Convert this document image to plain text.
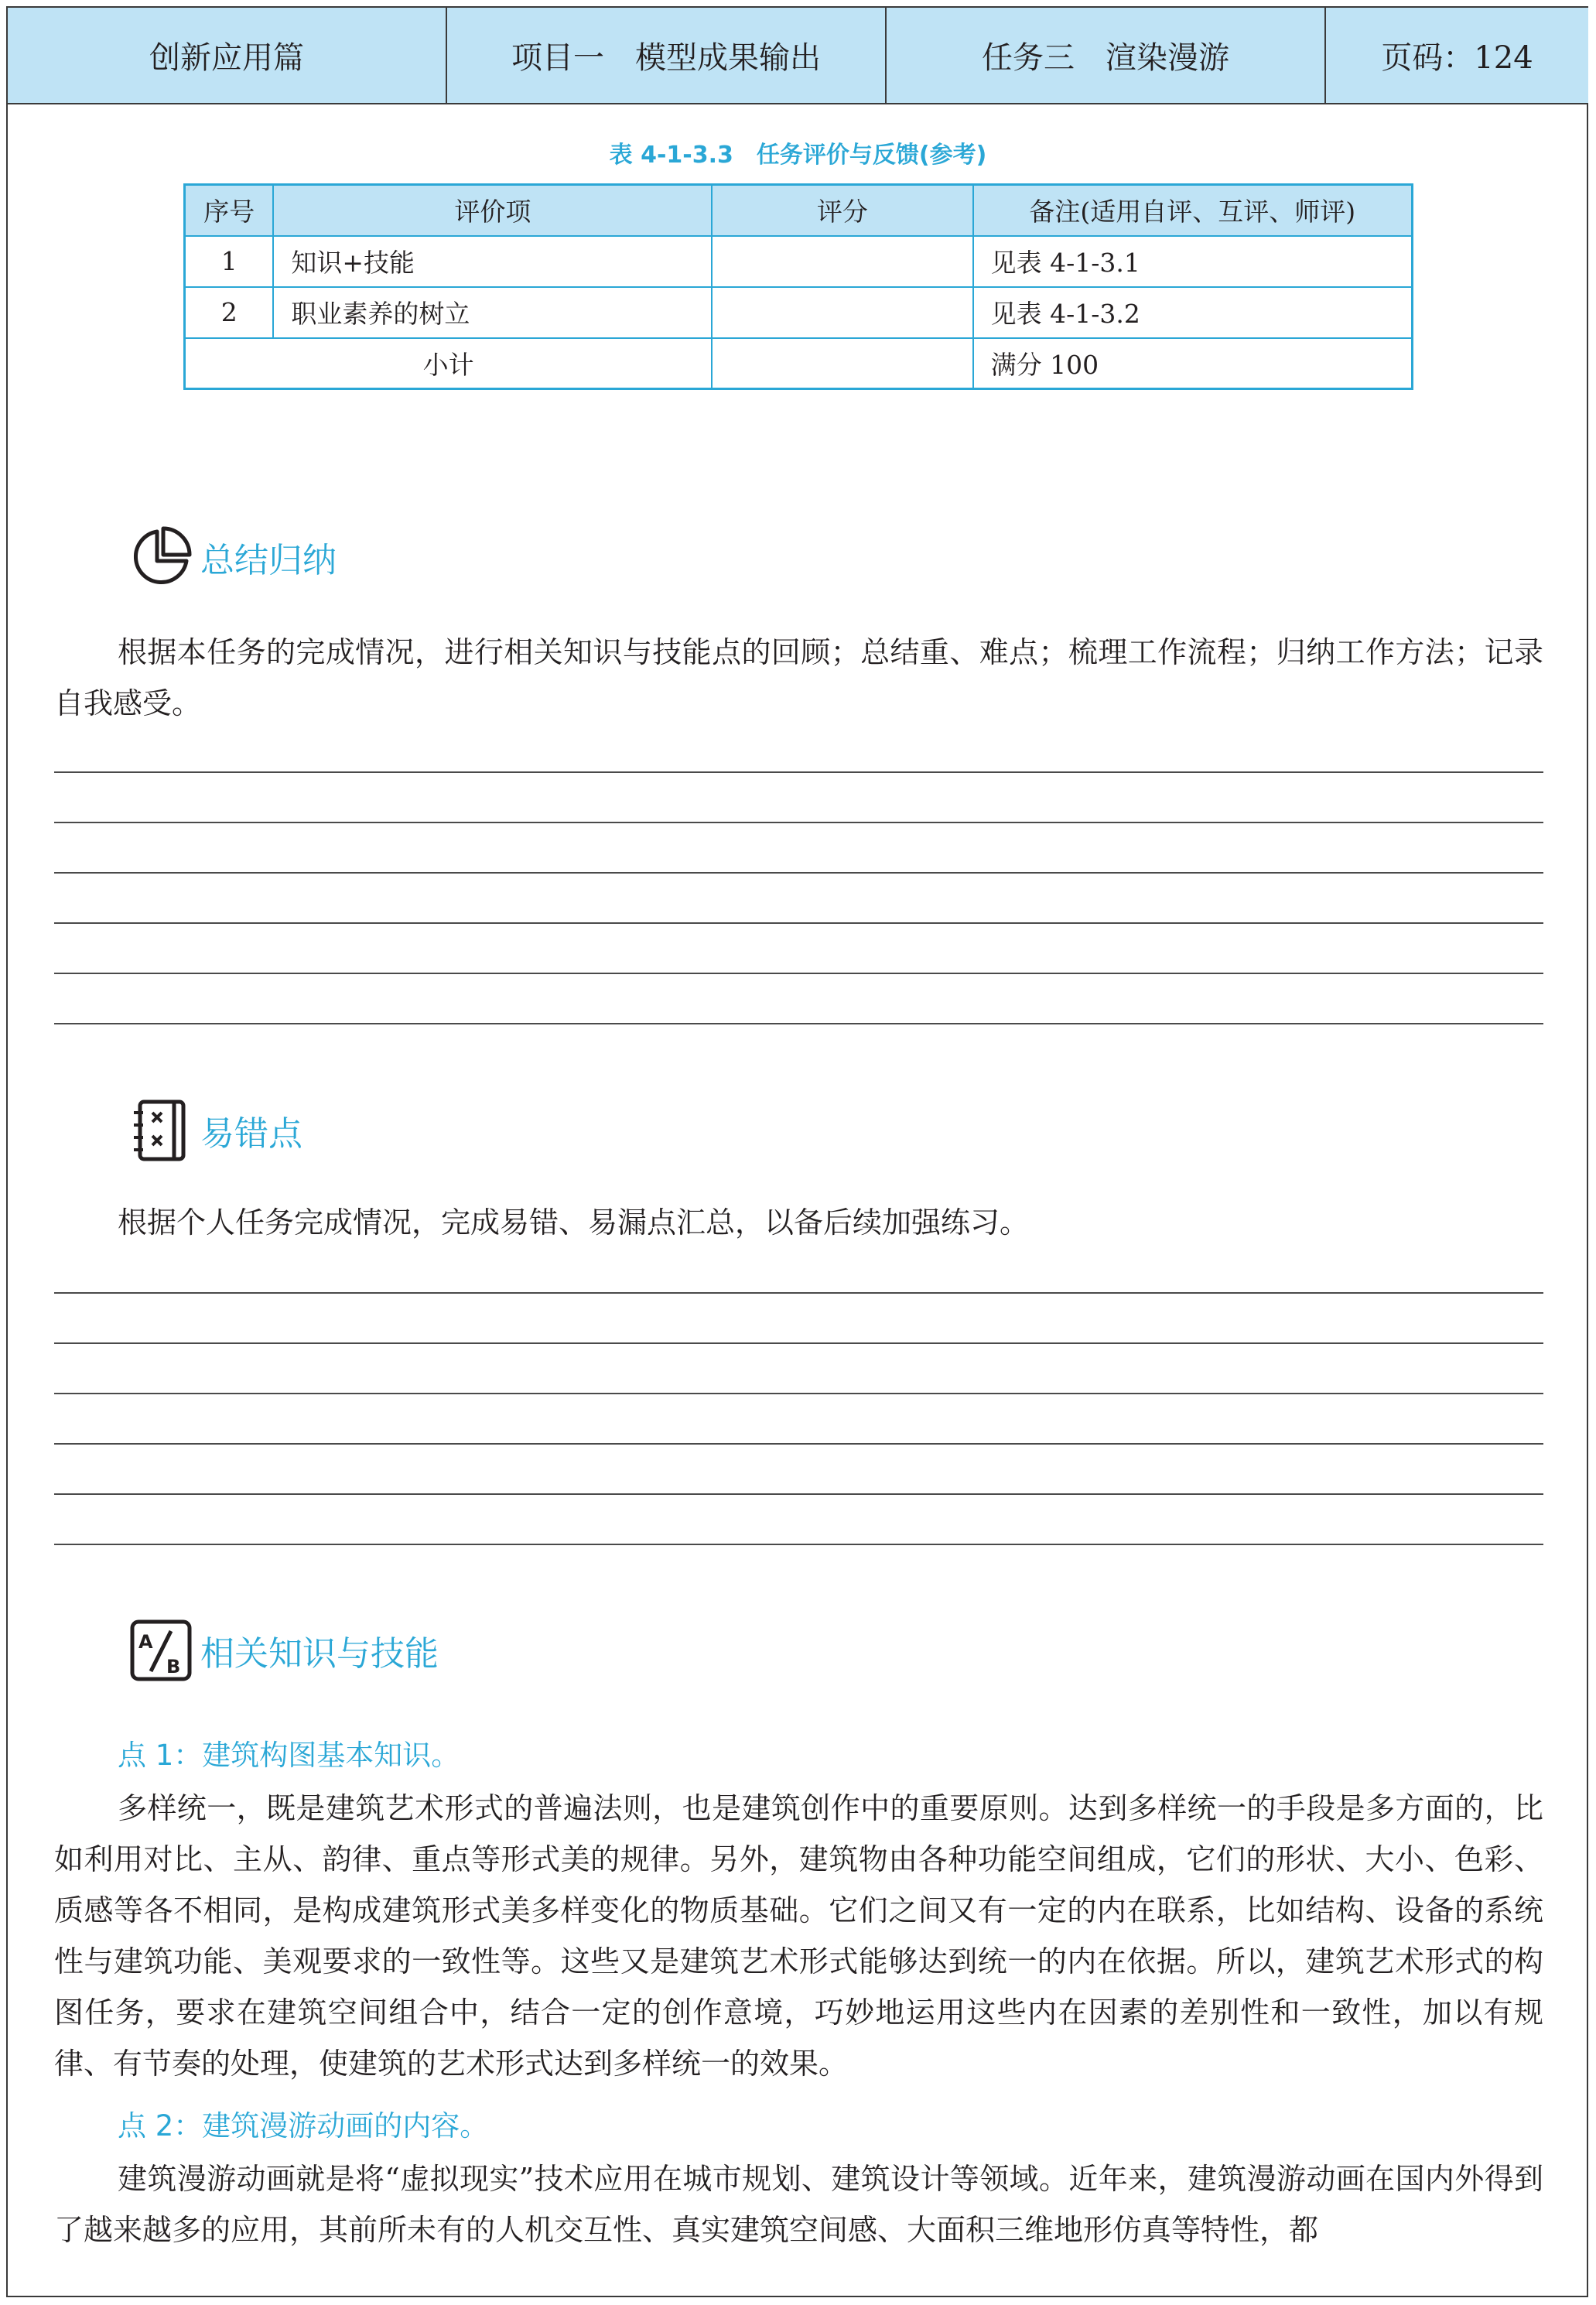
创新应用篇	项目一　模型成果输出	任务三　渲染漫游	页码：124
表 4-1-3.3　任务评价与反馈(参考)
序号	评价项	评分	备注(适用自评、互评、师评)
1	知识+技能		见表 4-1-3.1
2	职业素养的树立		见表 4-1-3.2
小计			满分 100
总结归纳
根据本任务的完成情况，进行相关知识与技能点的回顾；总结重、难点；梳理工作流程；归纳工作方法；记录自我感受。
易错点
根据个人任务完成情况，完成易错、易漏点汇总，以备后续加强练习。
A
B 相关知识与技能
点 1：建筑构图基本知识。
多样统一，既是建筑艺术形式的普遍法则，也是建筑创作中的重要原则。达到多样统一的手段是多方面的，比如利用对比、主从、韵律、重点等形式美的规律。另外，建筑物由各种功能空间组成，它们的形状、大小、色彩、质感等各不相同，是构成建筑形式美多样变化的物质基础。它们之间又有一定的内在联系，比如结构、设备的系统性与建筑功能、美观要求的一致性等。这些又是建筑艺术形式能够达到统一的内在依据。所以，建筑艺术形式的构图任务，要求在建筑空间组合中，结合一定的创作意境，巧妙地运用这些内在因素的差别性和一致性，加以有规律、有节奏的处理，使建筑的艺术形式达到多样统一的效果。
点 2：建筑漫游动画的内容。
建筑漫游动画就是将“虚拟现实”技术应用在城市规划、建筑设计等领域。近年来，建筑漫游动画在国内外得到了越来越多的应用，其前所未有的人机交互性、真实建筑空间感、大面积三维地形仿真等特性，都
